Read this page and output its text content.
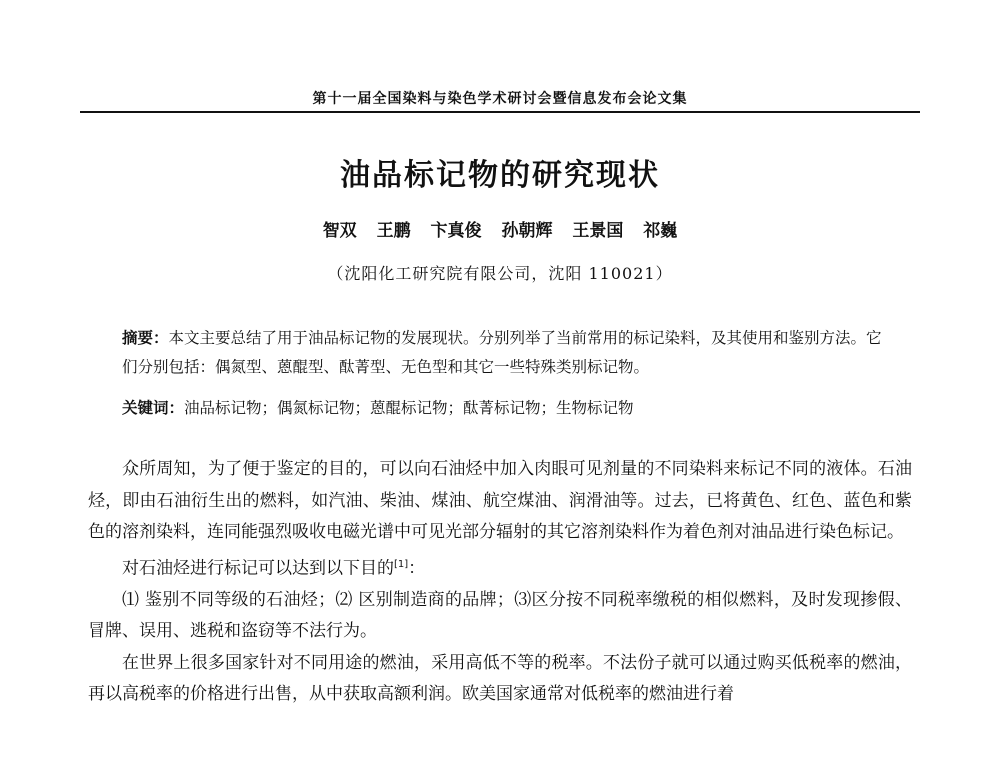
第十一届全国染料与染色学术研讨会暨信息发布会论文集
油品标记物的研究现状
智双 王鹏 卞真俊 孙朝辉 王景国 祁巍
（沈阳化工研究院有限公司，沈阳 110021）
摘要：本文主要总结了用于油品标记物的发展现状。分别列举了当前常用的标记染料，及其使用和鉴别方法。它们分别包括：偶氮型、蒽醌型、酞菁型、无色型和其它一些特殊类别标记物。
关键词：油品标记物；偶氮标记物；蒽醌标记物；酞菁标记物；生物标记物

众所周知，为了便于鉴定的目的，可以向石油烃中加入肉眼可见剂量的不同染料来标记不同的液体。石油烃，即由石油衍生出的燃料，如汽油、柴油、煤油、航空煤油、润滑油等。过去，已将黄色、红色、蓝色和紫色的溶剂染料，连同能强烈吸收电磁光谱中可见光部分辐射的其它溶剂染料作为着色剂对油品进行染色标记。

对石油烃进行标记可以达到以下目的[1]：

⑴ 鉴别不同等级的石油烃；⑵ 区别制造商的品牌；⑶区分按不同税率缴税的相似燃料，及时发现掺假、冒牌、误用、逃税和盗窃等不法行为。

在世界上很多国家针对不同用途的燃油，采用高低不等的税率。不法份子就可以通过购买低税率的燃油，再以高税率的价格进行出售，从中获取高额利润。欧美国家通常对低税率的燃油进行着
